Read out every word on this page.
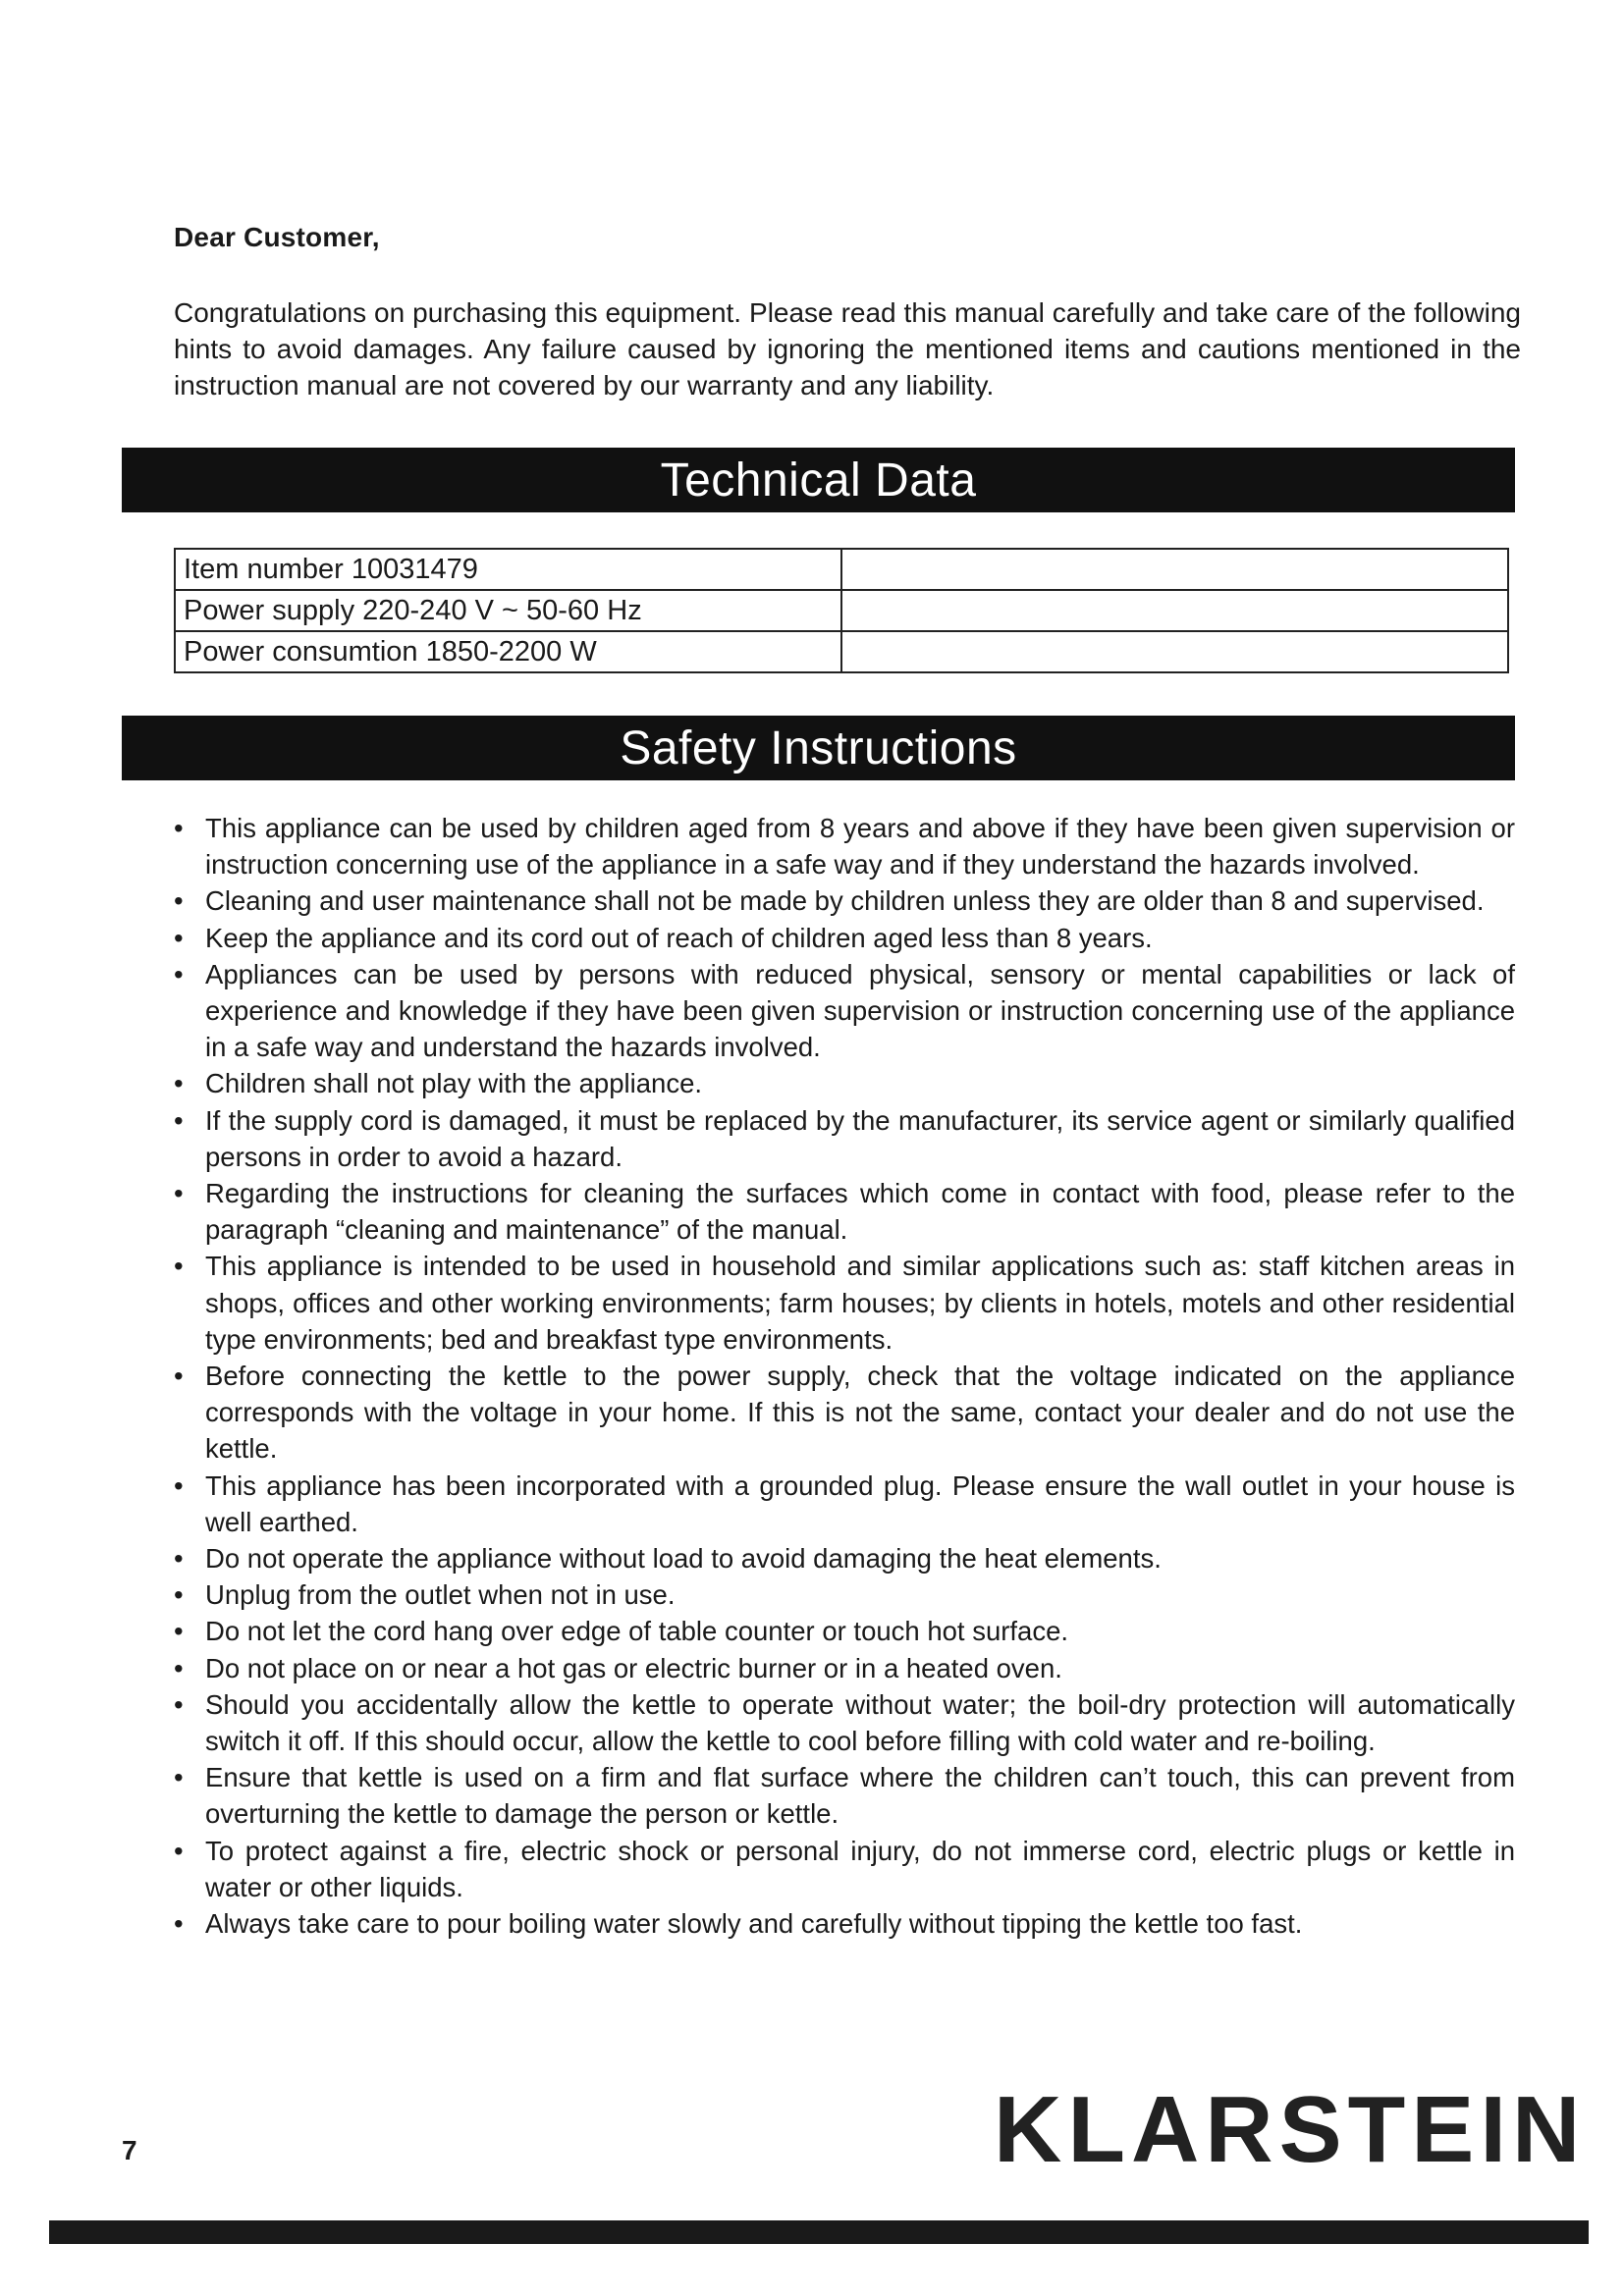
Dear Customer,

Congratulations on purchasing this equipment. Please read this manual carefully and take care of the following hints to avoid damages. Any failure caused by ignoring the mentioned items and cautions mentioned in the instruction manual are not covered by our warranty and any liability.

Technical Data
Item number 10031479	
Power supply 220-240 V ~ 50-60 Hz	
Power consumtion 1850-2200 W	
Safety Instructions
• This appliance can be used by children aged from 8 years and above if they have been given supervision or instruction concerning use of the appliance in a safe way and if they understand the hazards involved.
• Cleaning and user maintenance shall not be made by children unless they are older than 8 and supervised.
• Keep the appliance and its cord out of reach of children aged less than 8 years.
• Appliances can be used by persons with reduced physical, sensory or mental capabilities or lack of experience and knowledge if they have been given supervision or instruction concerning use of the appliance in a safe way and understand the hazards involved.
• Children shall not play with the appliance.
• If the supply cord is damaged, it must be replaced by the manufacturer, its service agent or similarly qualified persons in order to avoid a hazard.
• Regarding the instructions for cleaning the surfaces which come in contact with food, please refer to the paragraph “cleaning and maintenance” of the manual.
• This appliance is intended to be used in household and similar applications such as: staff kitchen areas in shops, offices and other working environments; farm houses; by clients in hotels, motels and other residential type environments; bed and breakfast type environments.
• Before connecting the kettle to the power supply, check that the voltage indicated on the appliance corresponds with the voltage in your home. If this is not the same, contact your dealer and do not use the kettle.
• This appliance has been incorporated with a grounded plug. Please ensure the wall outlet in your house is well earthed.
• Do not operate the appliance without load to avoid damaging the heat elements.
• Unplug from the outlet when not in use.
• Do not let the cord hang over edge of table counter or touch hot surface.
• Do not place on or near a hot gas or electric burner or in a heated oven.
• Should you accidentally allow the kettle to operate without water; the boil-dry protection will automatically switch it off. If this should occur, allow the kettle to cool before filling with cold water and re-boiling.
• Ensure that kettle is used on a firm and flat surface where the children can’t touch, this can prevent from overturning the kettle to damage the person or kettle.
• To protect against a fire, electric shock or personal injury, do not immerse cord, electric plugs or kettle in water or other liquids.
• Always take care to pour boiling water slowly and carefully without tipping the kettle too fast.
7	KLARSTEIN
